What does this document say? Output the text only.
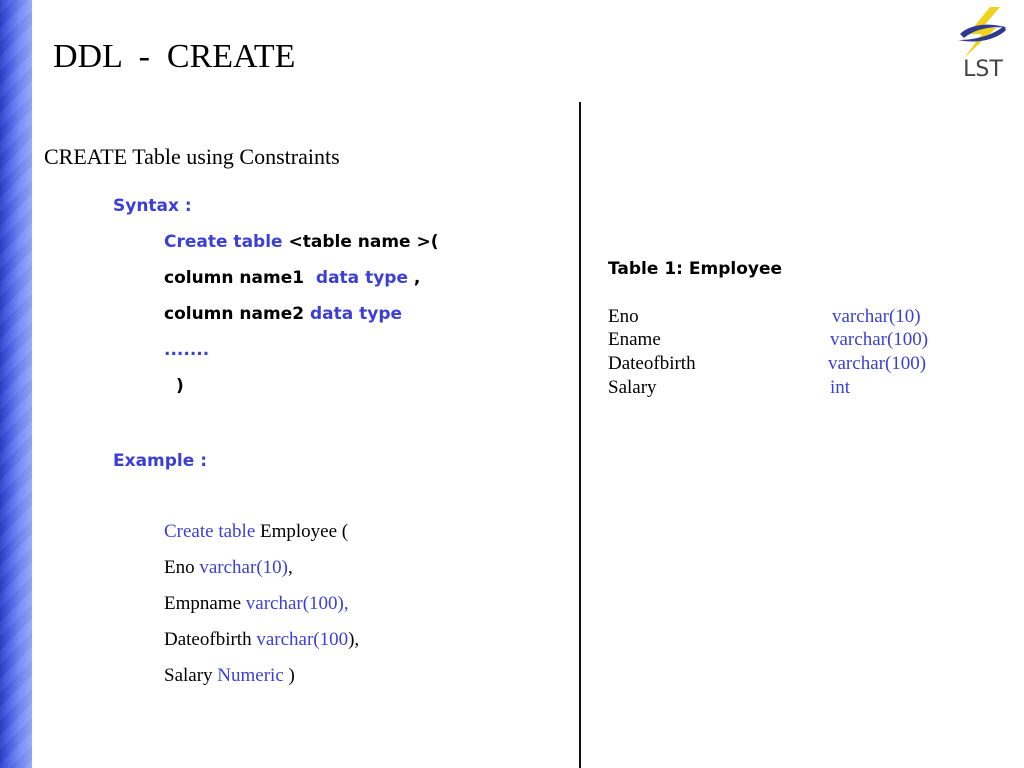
DDL  -  CREATE	LST
CREATE Table using Constraints
Syntax :
Create table <table name >(
column name1  data type ,
column name2 data type
.......
)
Example :
Create table Employee (
Eno varchar(10),
Empname varchar(100),
Dateofbirth varchar(100),
Salary Numeric )
Table 1: Employee
Eno	varchar(10)
Ename	varchar(100)
Dateofbirth	varchar(100)
Salary	int
